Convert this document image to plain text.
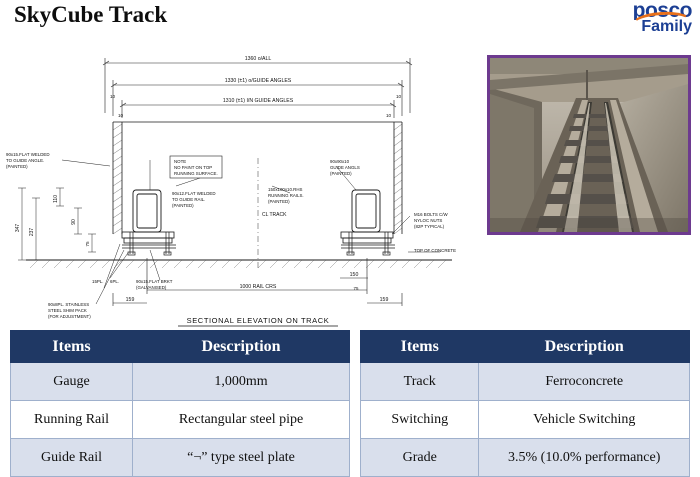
SkyCube Track	posco
Family
1360 o/ALL
1330 (±1) o/GUIDE ANGLES
1310 (±1) I/N GUIDE ANGLES
10
10
10
10
347 237
110
90
75
CL TRACK
1000 RAIL CRS
159	159
150
75
90x15.FLAT WELDED
TO GUIDE ANGLE.
(PAINTED)
NOTE
NO PAINT ON TOP
RUNNING SURFACE.
90x12.FLAT WELDED
TO GUIDE RAIL.
(PAINTED)
150x100x10.RHS
RUNNING RAILS.
(PAINTED)
90x90x10
GUIDE ANGLS
(PAINTED)
M16 BOLTS C/W
NYLOC NUTS
(82P TYPICAL)
TOP OF CONCRETE
15PL. 6PL.	90x15.FLAT BRKT
(GALVANISED)
90x8PL. STAINLESS
STEEL SHIM PACK
(FOR ADJUSTMENT)	SECTIONAL ELEVATION ON TRACK
Items	Description
Gauge	1,000mm
Running Rail	Rectangular steel pipe
Guide Rail	“¬” type steel plate
Items	Description
Track	Ferroconcrete
Switching	Vehicle Switching
Grade	3.5% (10.0% performance)
